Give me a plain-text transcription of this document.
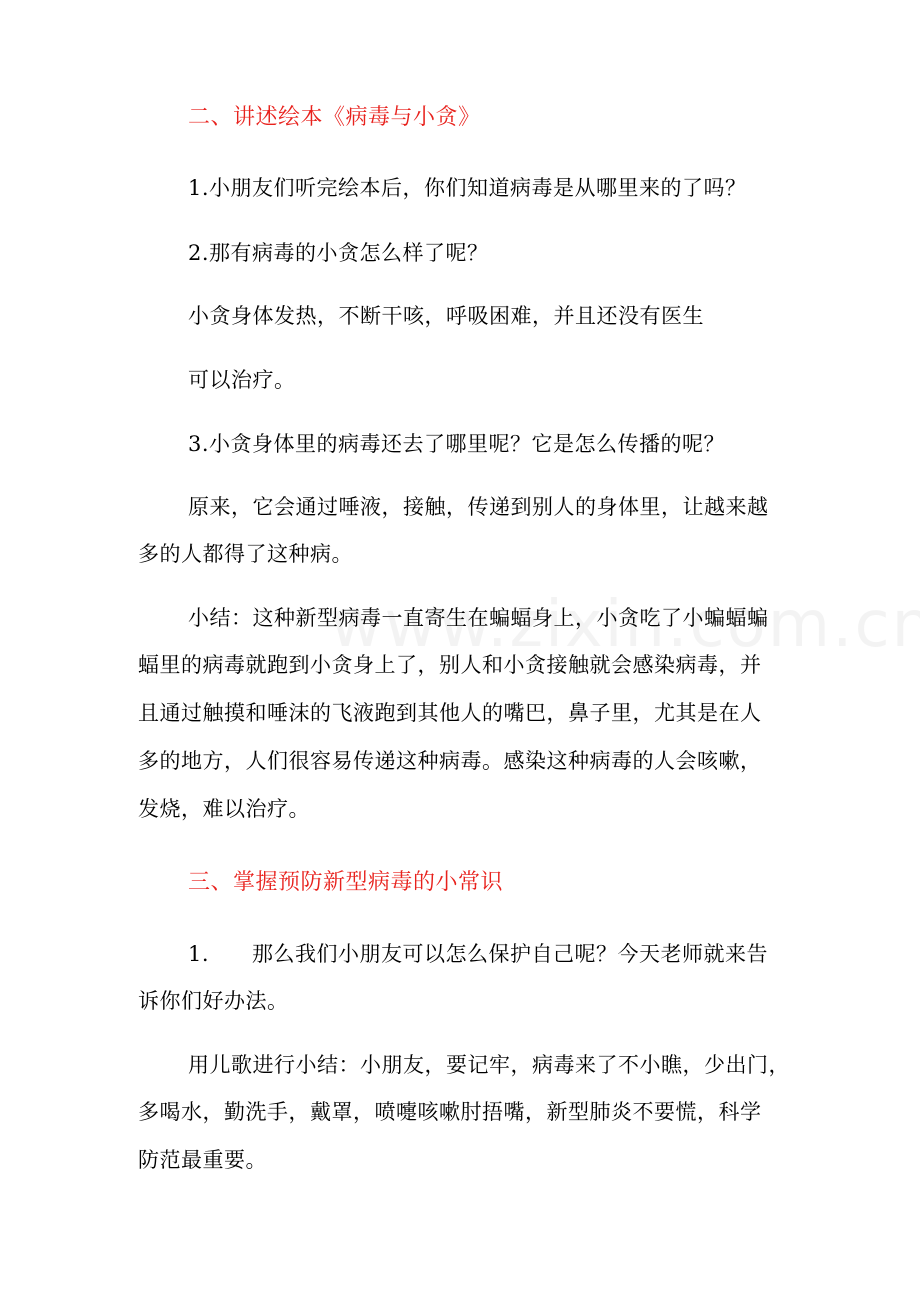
二、讲述绘本《病毒与小贪》
1.小朋友们听完绘本后，你们知道病毒是从哪里来的了吗？
2.那有病毒的小贪怎么样了呢？
小贪身体发热，不断干咳，呼吸困难，并且还没有医生
可以治疗。
3.小贪身体里的病毒还去了哪里呢？它是怎么传播的呢？
原来，它会通过唾液，接触，传递到别人的身体里，让越来越
多的人都得了这种病。
小结：这种新型病毒一直寄生在蝙蝠身上，小贪吃了小蝙蝠蝙
蝠里的病毒就跑到小贪身上了，别人和小贪接触就会感染病毒，并
且通过触摸和唾沫的飞液跑到其他人的嘴巴，鼻子里，尤其是在人
多的地方，人们很容易传递这种病毒。感染这种病毒的人会咳嗽，
发烧，难以治疗。
三、掌握预防新型病毒的小常识
1.　　那么我们小朋友可以怎么保护自己呢？今天老师就来告
诉你们好办法。
用儿歌进行小结：小朋友，要记牢，病毒来了不小瞧，少出门，
多喝水，勤洗手，戴罩，喷嚏咳嗽肘捂嘴，新型肺炎不要慌，科学
防范最重要。
